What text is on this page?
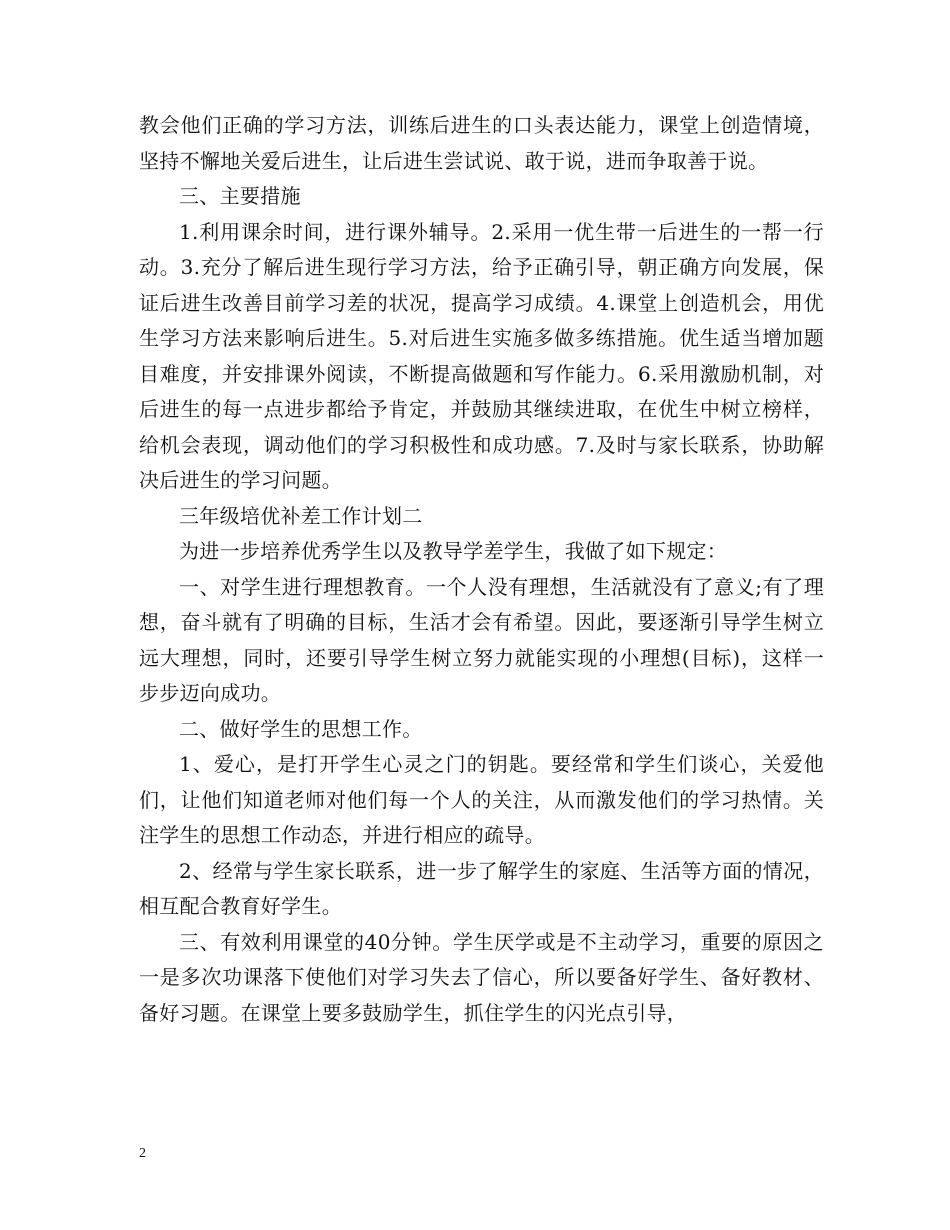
教会他们正确的学习方法，训练后进生的口头表达能力，课堂上创造情境，坚持不懈地关爱后进生，让后进生尝试说、敢于说，进而争取善于说。

三、主要措施

1.利用课余时间，进行课外辅导。2.采用一优生带一后进生的一帮一行动。3.充分了解后进生现行学习方法，给予正确引导，朝正确方向发展，保证后进生改善目前学习差的状况，提高学习成绩。4.课堂上创造机会，用优生学习方法来影响后进生。5.对后进生实施多做多练措施。优生适当增加题目难度，并安排课外阅读，不断提高做题和写作能力。6.采用激励机制，对后进生的每一点进步都给予肯定，并鼓励其继续进取，在优生中树立榜样，给机会表现，调动他们的学习积极性和成功感。7.及时与家长联系，协助解决后进生的学习问题。

三年级培优补差工作计划二

为进一步培养优秀学生以及教导学差学生，我做了如下规定：

一、对学生进行理想教育。一个人没有理想，生活就没有了意义;有了理想，奋斗就有了明确的目标，生活才会有希望。因此，要逐渐引导学生树立远大理想，同时，还要引导学生树立努力就能实现的小理想(目标)，这样一步步迈向成功。

二、做好学生的思想工作。

1、爱心，是打开学生心灵之门的钥匙。要经常和学生们谈心，关爱他们，让他们知道老师对他们每一个人的关注，从而激发他们的学习热情。关注学生的思想工作动态，并进行相应的疏导。

2、经常与学生家长联系，进一步了解学生的家庭、生活等方面的情况，相互配合教育好学生。

三、有效利用课堂的40分钟。学生厌学或是不主动学习，重要的原因之一是多次功课落下使他们对学习失去了信心，所以要备好学生、备好教材、备好习题。在课堂上要多鼓励学生，抓住学生的闪光点引导，

2
